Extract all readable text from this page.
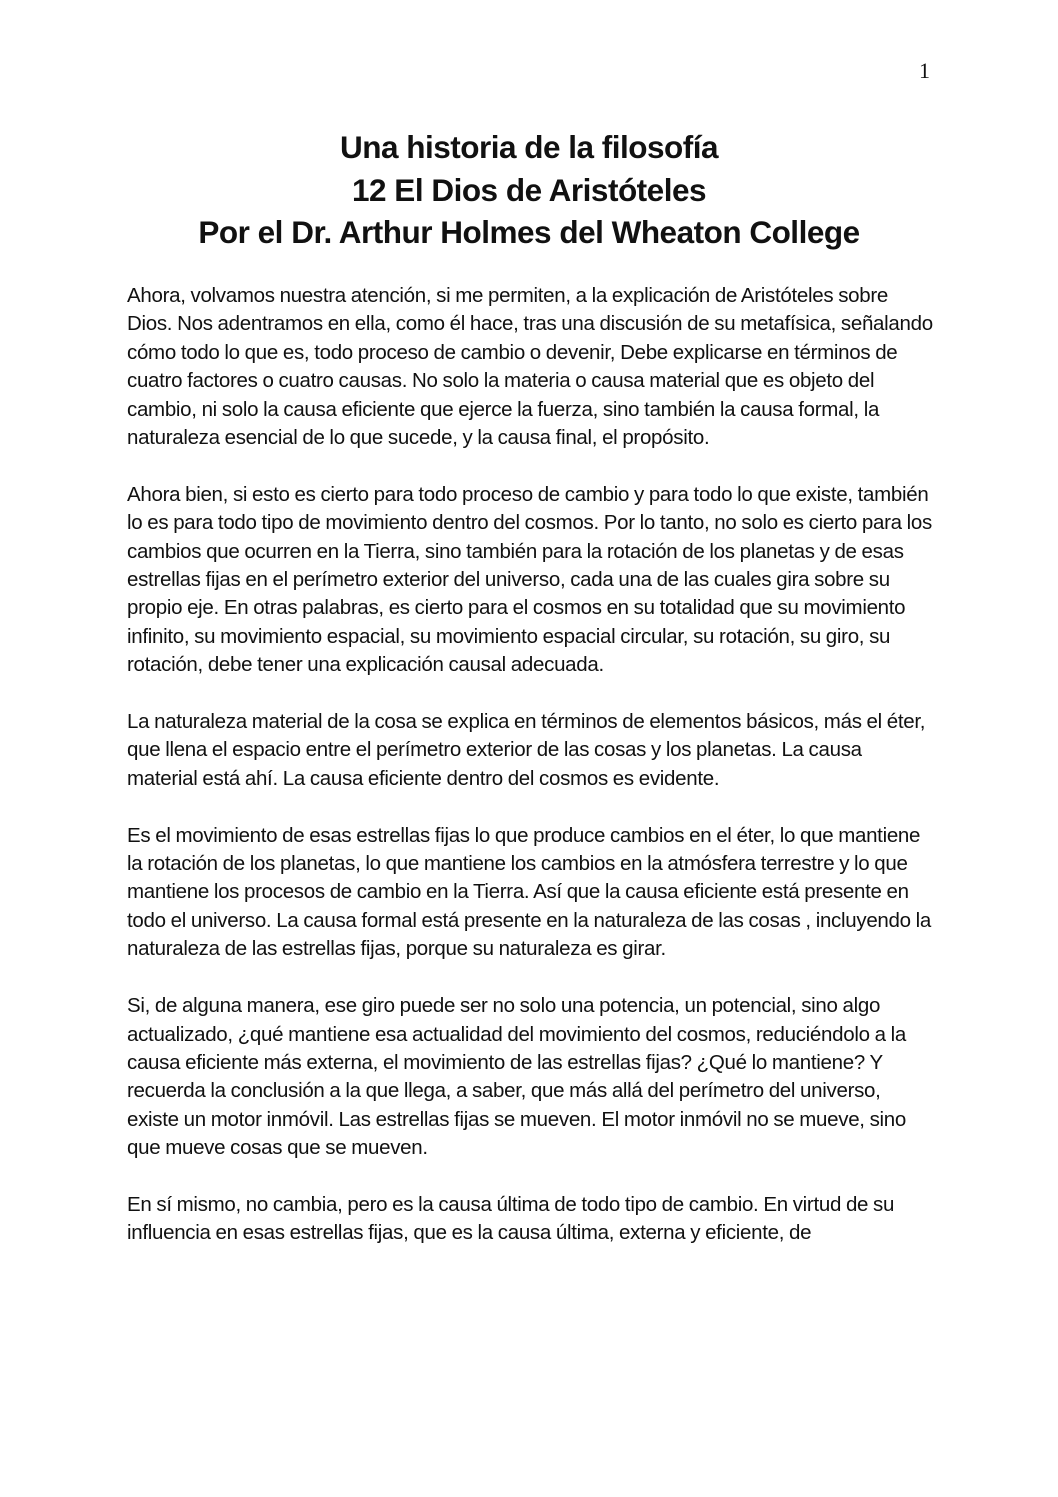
1
Una historia de la filosofía
12 El Dios de Aristóteles
Por el Dr. Arthur Holmes del Wheaton College

Ahora, volvamos nuestra atención, si me permiten, a la explicación de Aristóteles sobre Dios. Nos adentramos en ella, como él hace, tras una discusión de su metafísica, señalando cómo todo lo que es, todo proceso de cambio o devenir, Debe explicarse en términos de cuatro factores o cuatro causas. No solo la materia o causa material que es objeto del cambio, ni solo la causa eficiente que ejerce la fuerza, sino también la causa formal, la naturaleza esencial de lo que sucede, y la causa final, el propósito.

Ahora bien, si esto es cierto para todo proceso de cambio y para todo lo que existe, también lo es para todo tipo de movimiento dentro del cosmos. Por lo tanto, no solo es cierto para los cambios que ocurren en la Tierra, sino también para la rotación de los planetas y de esas estrellas fijas en el perímetro exterior del universo, cada una de las cuales gira sobre su propio eje. En otras palabras, es cierto para el cosmos en su totalidad que su movimiento infinito, su movimiento espacial, su movimiento espacial circular, su rotación, su giro, su rotación, debe tener una explicación causal adecuada.

La naturaleza material de la cosa se explica en términos de elementos básicos, más el éter, que llena el espacio entre el perímetro exterior de las cosas y los planetas. La causa material está ahí. La causa eficiente dentro del cosmos es evidente.

Es el movimiento de esas estrellas fijas lo que produce cambios en el éter, lo que mantiene la rotación de los planetas, lo que mantiene los cambios en la atmósfera terrestre y lo que mantiene los procesos de cambio en la Tierra. Así que la causa eficiente está presente en todo el universo. La causa formal está presente en la naturaleza de las cosas , incluyendo la naturaleza de las estrellas fijas, porque su naturaleza es girar.

Si, de alguna manera, ese giro puede ser no solo una potencia, un potencial, sino algo actualizado, ¿qué mantiene esa actualidad del movimiento del cosmos, reduciéndolo a la causa eficiente más externa, el movimiento de las estrellas fijas? ¿Qué lo mantiene? Y recuerda la conclusión a la que llega, a saber, que más allá del perímetro del universo, existe un motor inmóvil. Las estrellas fijas se mueven. El motor inmóvil no se mueve, sino que mueve cosas que se mueven.

En sí mismo, no cambia, pero es la causa última de todo tipo de cambio. En virtud de su influencia en esas estrellas fijas, que es la causa última, externa y eficiente, de
